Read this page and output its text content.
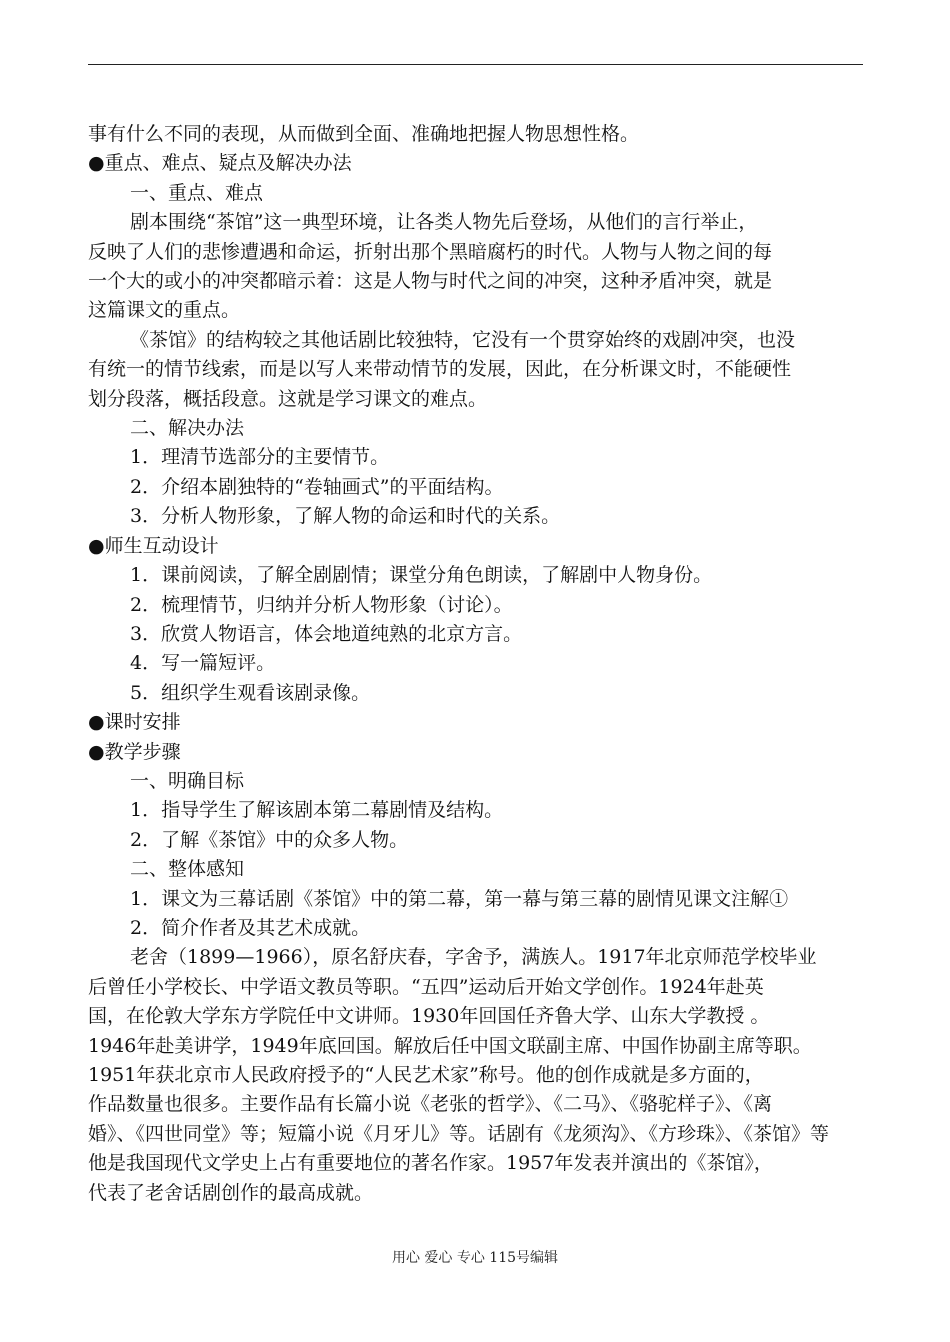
事有什么不同的表现，从而做到全面、准确地把握人物思想性格。
●重点、难点、疑点及解决办法
一、重点、难点
剧本围绕“茶馆”这一典型环境，让各类人物先后登场，从他们的言行举止，
反映了人们的悲惨遭遇和命运，折射出那个黑暗腐朽的时代。人物与人物之间的每
一个大的或小的冲突都暗示着：这是人物与时代之间的冲突，这种矛盾冲突，就是
这篇课文的重点。
《茶馆》的结构较之其他话剧比较独特，它没有一个贯穿始终的戏剧冲突，也没
有统一的情节线索，而是以写人来带动情节的发展，因此，在分析课文时，不能硬性
划分段落，概括段意。这就是学习课文的难点。
二、解决办法
1．理清节选部分的主要情节。
2．介绍本剧独特的“卷轴画式”的平面结构。
3．分析人物形象，了解人物的命运和时代的关系。
●师生互动设计
1．课前阅读，了解全剧剧情；课堂分角色朗读，了解剧中人物身份。
2．梳理情节，归纳并分析人物形象（讨论）。
3．欣赏人物语言，体会地道纯熟的北京方言。
4．写一篇短评。
5．组织学生观看该剧录像。
●课时安排
●教学步骤
一、明确目标
1．指导学生了解该剧本第二幕剧情及结构。
2．了解《茶馆》中的众多人物。
二、整体感知
1．课文为三幕话剧《茶馆》中的第二幕，第一幕与第三幕的剧情见课文注解①
2．简介作者及其艺术成就。
老舍（1899—1966），原名舒庆春，字舍予，满族人。1917年北京师范学校毕业
后曾任小学校长、中学语文教员等职。“五四”运动后开始文学创作。1924年赴英
国，在伦敦大学东方学院任中文讲师。1930年回国任齐鲁大学、山东大学教授 。
1946年赴美讲学，1949年底回国。解放后任中国文联副主席、中国作协副主席等职。
1951年获北京市人民政府授予的“人民艺术家”称号。他的创作成就是多方面的，
作品数量也很多。主要作品有长篇小说《老张的哲学》、《二马》、《骆驼样子》、《离
婚》、《四世同堂》等；短篇小说《月牙儿》等。话剧有《龙须沟》、《方珍珠》、《茶馆》等
他是我国现代文学史上占有重要地位的著名作家。1957年发表并演出的《茶馆》，
代表了老舍话剧创作的最高成就。
用心 爱心 专心 115号编辑
